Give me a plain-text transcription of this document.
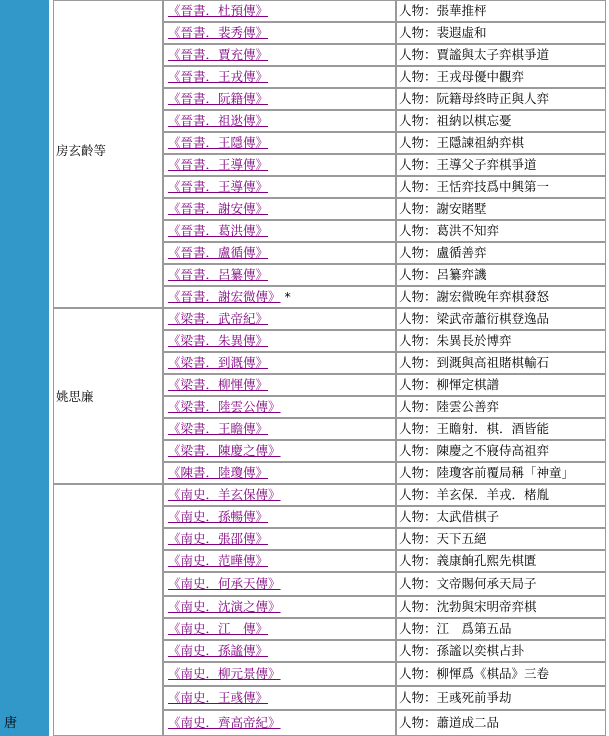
唐
房玄齡等
《晉書．杜預傳》	人物：張華推枰
《晉書．裴秀傳》	人物：裴遐虛和
《晉書．賈充傳》	人物：賈謐與太子弈棋爭道
《晉書．王戎傳》	人物：王戎母優中觀弈
《晉書．阮籍傳》	人物：阮籍母終時正與人弈
《晉書．祖逖傳》	人物：祖納以棋忘憂
《晉書．王隱傳》	人物：王隱諫祖納弈棋
《晉書．王導傳》	人物：王導父子弈棋爭道
《晉書．王導傳》	人物：王恬弈技爲中興第一
《晉書．謝安傳》	人物：謝安賭墅
《晉書．葛洪傳》	人物：葛洪不知弈
《晉書．盧循傳》	人物：盧循善弈
《晉書．呂纂傳》	人物：呂纂弈譏
《晉書．謝宏微傳》 *	人物：謝宏微晚年弈棋發怒
姚思廉
《梁書．武帝紀》	人物：梁武帝蕭衍棋登逸品
《梁書．朱異傳》	人物：朱異長於博弈
《梁書．到溉傳》	人物：到溉與高祖賭棋輸石
《梁書．柳惲傳》	人物：柳惲定棋譜
《梁書．陸雲公傳》	人物：陸雲公善弈
《梁書．王瞻傳》	人物：王瞻射．棋．酒皆能
《梁書．陳慶之傳》	人物：陳慶之不寢侍高祖弈
《陳書．陸瓊傳》	人物：陸瓊客前覆局稱「神童」
《南史．羊玄保傳》	人物：羊玄保．羊戎．楮胤
《南史．孫暢傳》	人物：太武借棋子
《南史．張邵傳》	人物：天下五絕
《南史．范曄傳》	人物：義康餉孔熙先棋匱
《南史．何承天傳》	人物：文帝賜何承天局子
《南史．沈演之傳》	人物：沈勃與宋明帝弈棋
《南史．江　傳》	人物：江　爲第五品
《南史．孫謐傳》	人物：孫謐以奕棋占卦
《南史．柳元景傳》	人物：柳惲爲《棋品》三卷
《南史．王彧傳》	人物：王彧死前爭劫
《南史．齊高帝紀》	人物：蕭道成二品
